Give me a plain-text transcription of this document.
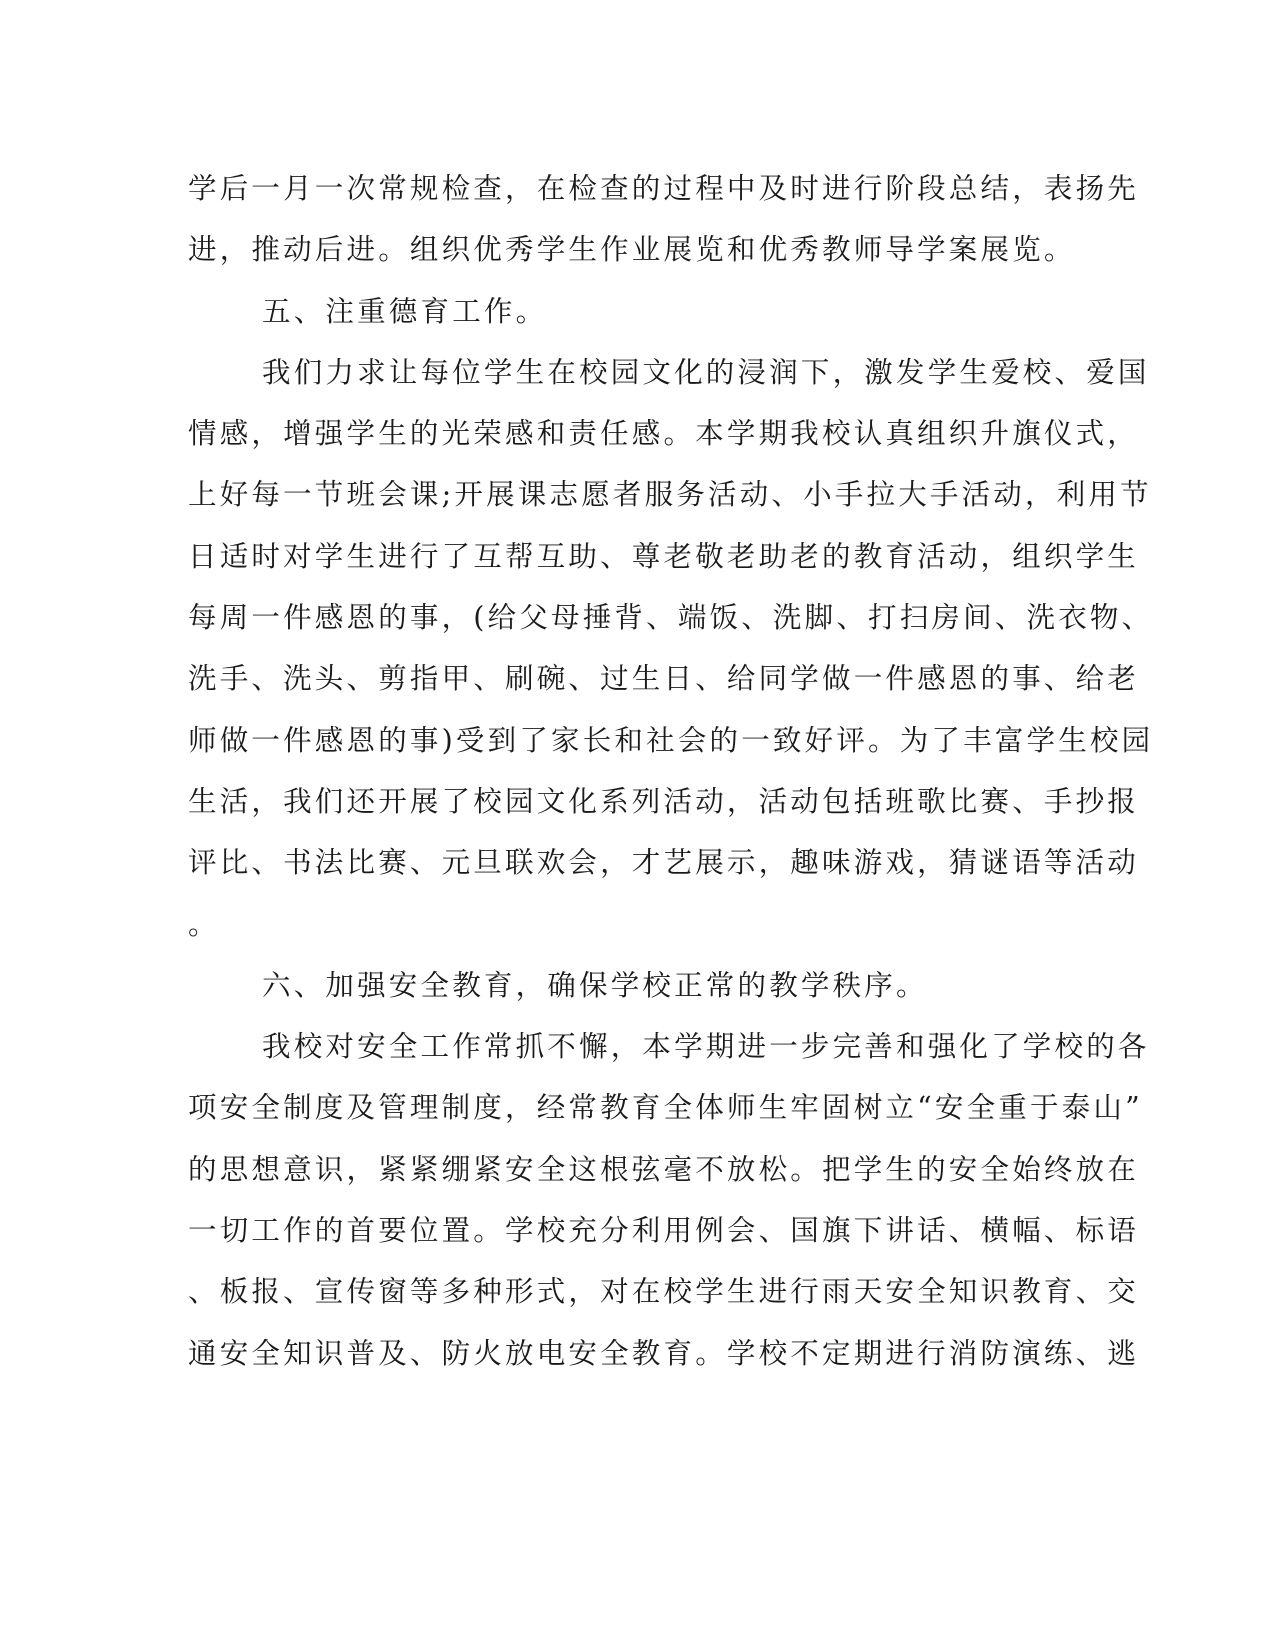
学后一月一次常规检查，在检查的过程中及时进行阶段总结，表扬先
进，推动后进。组织优秀学生作业展览和优秀教师导学案展览。
五、注重德育工作。
我们力求让每位学生在校园文化的浸润下，激发学生爱校、爱国
情感，增强学生的光荣感和责任感。本学期我校认真组织升旗仪式，
上好每一节班会课;开展课志愿者服务活动、小手拉大手活动，利用节
日适时对学生进行了互帮互助、尊老敬老助老的教育活动，组织学生
每周一件感恩的事，(给父母捶背、端饭、洗脚、打扫房间、洗衣物、
洗手、洗头、剪指甲、刷碗、过生日、给同学做一件感恩的事、给老
师做一件感恩的事)受到了家长和社会的一致好评。为了丰富学生校园
生活，我们还开展了校园文化系列活动，活动包括班歌比赛、手抄报
评比、书法比赛、元旦联欢会，才艺展示，趣味游戏，猜谜语等活动
。
六、加强安全教育，确保学校正常的教学秩序。
我校对安全工作常抓不懈，本学期进一步完善和强化了学校的各
项安全制度及管理制度，经常教育全体师生牢固树立“安全重于泰山”
的思想意识，紧紧绷紧安全这根弦毫不放松。把学生的安全始终放在
一切工作的首要位置。学校充分利用例会、国旗下讲话、横幅、标语
、板报、宣传窗等多种形式，对在校学生进行雨天安全知识教育、交
通安全知识普及、防火放电安全教育。学校不定期进行消防演练、逃
